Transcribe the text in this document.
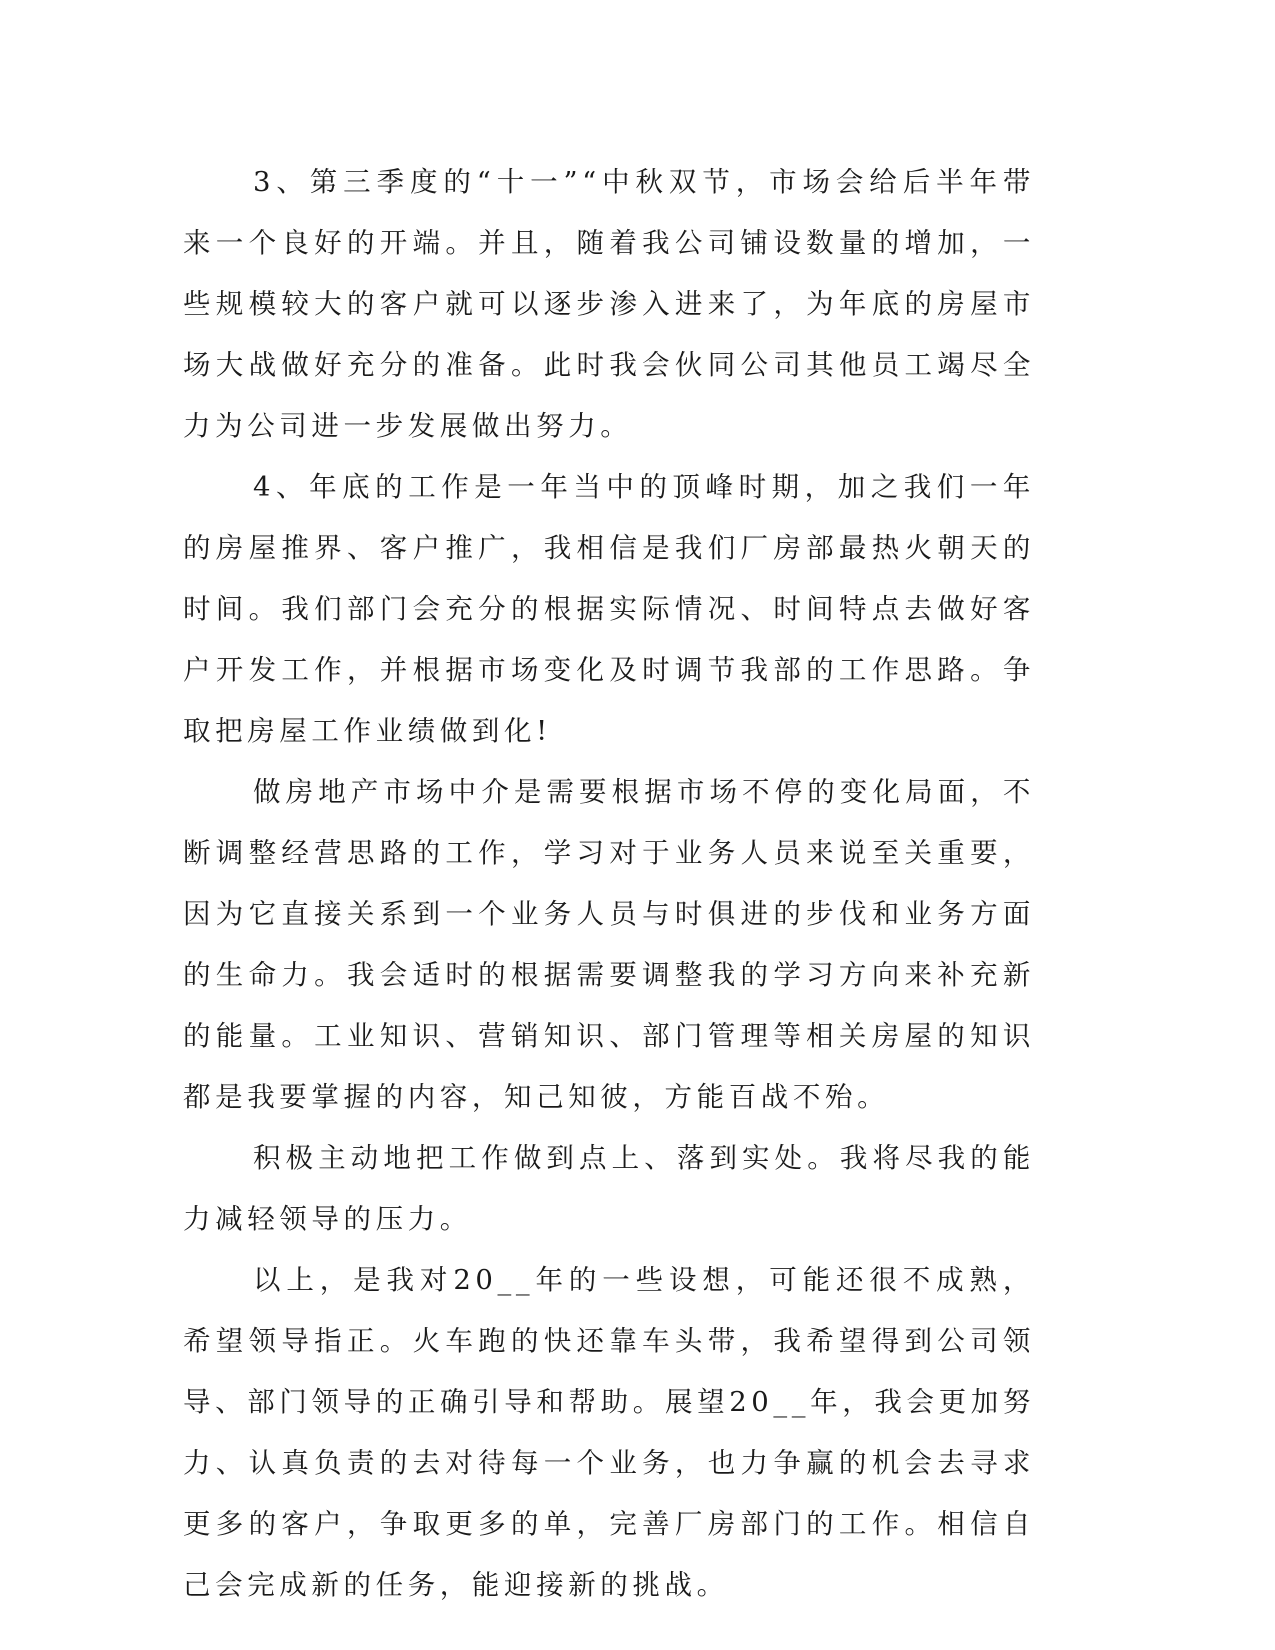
3、第三季度的“十一”“中秋双节，市场会给后半年带来一个良好的开端。并且，随着我公司铺设数量的增加，一些规模较大的客户就可以逐步渗入进来了，为年底的房屋市场大战做好充分的准备。此时我会伙同公司其他员工竭尽全力为公司进一步发展做出努力。

4、年底的工作是一年当中的顶峰时期，加之我们一年的房屋推界、客户推广，我相信是我们厂房部最热火朝天的时间。我们部门会充分的根据实际情况、时间特点去做好客户开发工作，并根据市场变化及时调节我部的工作思路。争取把房屋工作业绩做到化!

做房地产市场中介是需要根据市场不停的变化局面，不断调整经营思路的工作，学习对于业务人员来说至关重要，因为它直接关系到一个业务人员与时俱进的步伐和业务方面的生命力。我会适时的根据需要调整我的学习方向来补充新的能量。工业知识、营销知识、部门管理等相关房屋的知识都是我要掌握的内容，知己知彼，方能百战不殆。

积极主动地把工作做到点上、落到实处。我将尽我的能力减轻领导的压力。

以上，是我对20__年的一些设想，可能还很不成熟，希望领导指正。火车跑的快还靠车头带，我希望得到公司领导、部门领导的正确引导和帮助。展望20__年，我会更加努力、认真负责的去对待每一个业务，也力争赢的机会去寻求更多的客户，争取更多的单，完善厂房部门的工作。相信自己会完成新的任务，能迎接新的挑战。
